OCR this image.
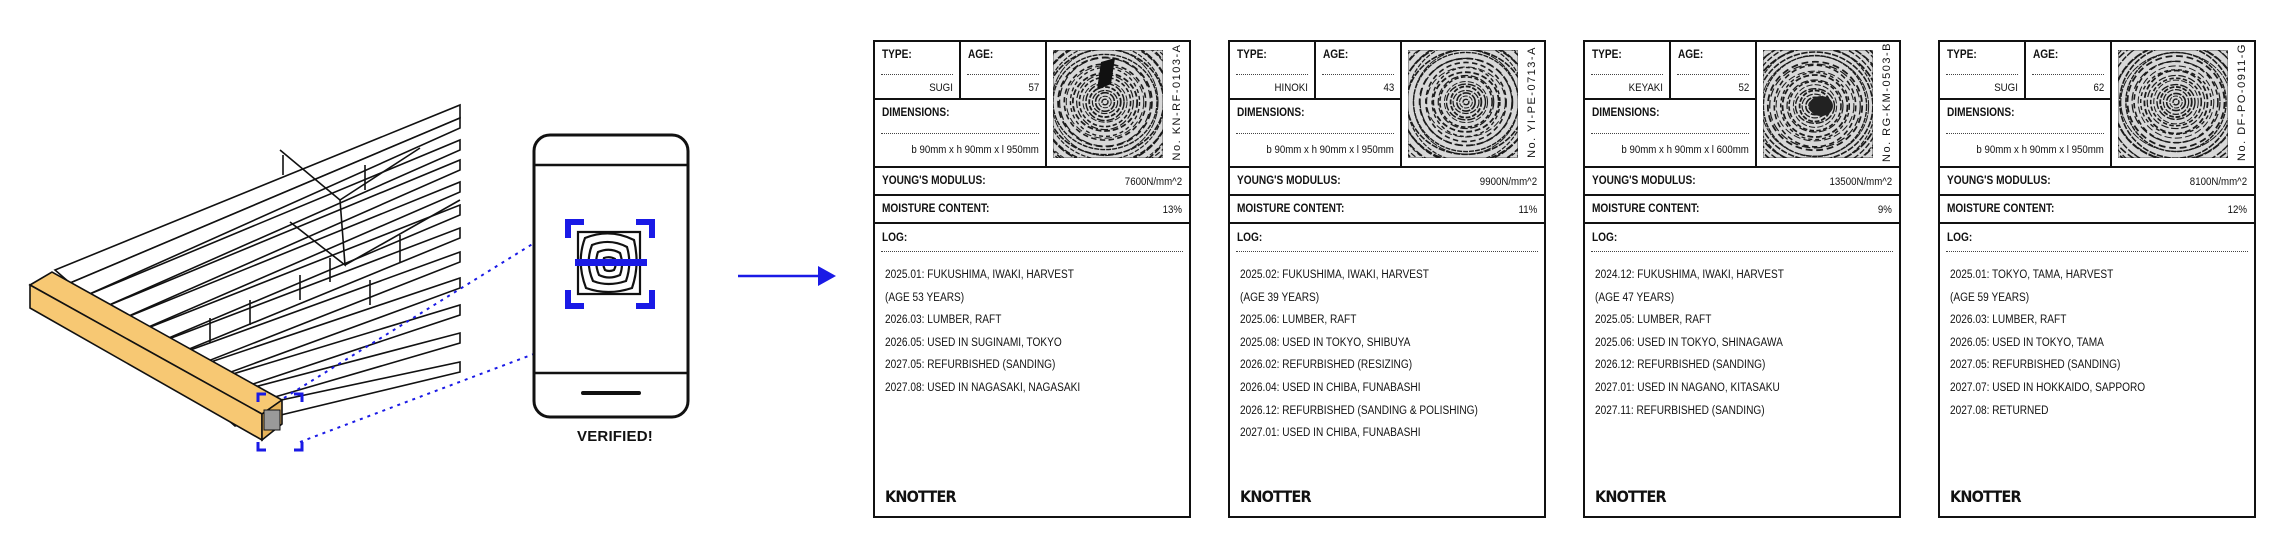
VERIFIED!
TYPE:
SUGI
AGE:
57
DIMENSIONS:
b 90mm x h 90mm x l 950mm	No. KN-RF-0103-A
YOUNG'S MODULUS:	7600N/mm^2
MOISTURE CONTENT:	13%
LOG:
2025.01: FUKUSHIMA, IWAKI, HARVEST
(AGE 53 YEARS)
2026.03: LUMBER, RAFT
2026.05: USED IN SUGINAMI, TOKYO
2027.05: REFURBISHED (SANDING)
2027.08: USED IN NAGASAKI, NAGASAKI
KNOTTER
TYPE:
HINOKI
AGE:
43
DIMENSIONS:
b 90mm x h 90mm x l 950mm	No. YI-PE-0713-A
YOUNG'S MODULUS:	9900N/mm^2
MOISTURE CONTENT:	11%
LOG:
2025.02: FUKUSHIMA, IWAKI, HARVEST
(AGE 39 YEARS)
2025.06: LUMBER, RAFT
2025.08: USED IN TOKYO, SHIBUYA
2026.02: REFURBISHED (RESIZING)
2026.04: USED IN CHIBA, FUNABASHI
2026.12: REFURBISHED (SANDING & POLISHING)
2027.01: USED IN CHIBA, FUNABASHI
KNOTTER
TYPE:
KEYAKI
AGE:
52
DIMENSIONS:
b 90mm x h 90mm x l 600mm	No. RG-KM-0503-B
YOUNG'S MODULUS:	13500N/mm^2
MOISTURE CONTENT:	9%
LOG:
2024.12: FUKUSHIMA, IWAKI, HARVEST
(AGE 47 YEARS)
2025.05: LUMBER, RAFT
2025.06: USED IN TOKYO, SHINAGAWA
2026.12: REFURBISHED (SANDING)
2027.01: USED IN NAGANO, KITASAKU
2027.11: REFURBISHED (SANDING)
KNOTTER
TYPE:
SUGI
AGE:
62
DIMENSIONS:
b 90mm x h 90mm x l 950mm	No. DF-PO-0911-G
YOUNG'S MODULUS:	8100N/mm^2
MOISTURE CONTENT:	12%
LOG:
2025.01: TOKYO, TAMA, HARVEST
(AGE 59 YEARS)
2026.03: LUMBER, RAFT
2026.05: USED IN TOKYO, TAMA
2027.05: REFURBISHED (SANDING)
2027.07: USED IN HOKKAIDO, SAPPORO
2027.08: RETURNED
KNOTTER
